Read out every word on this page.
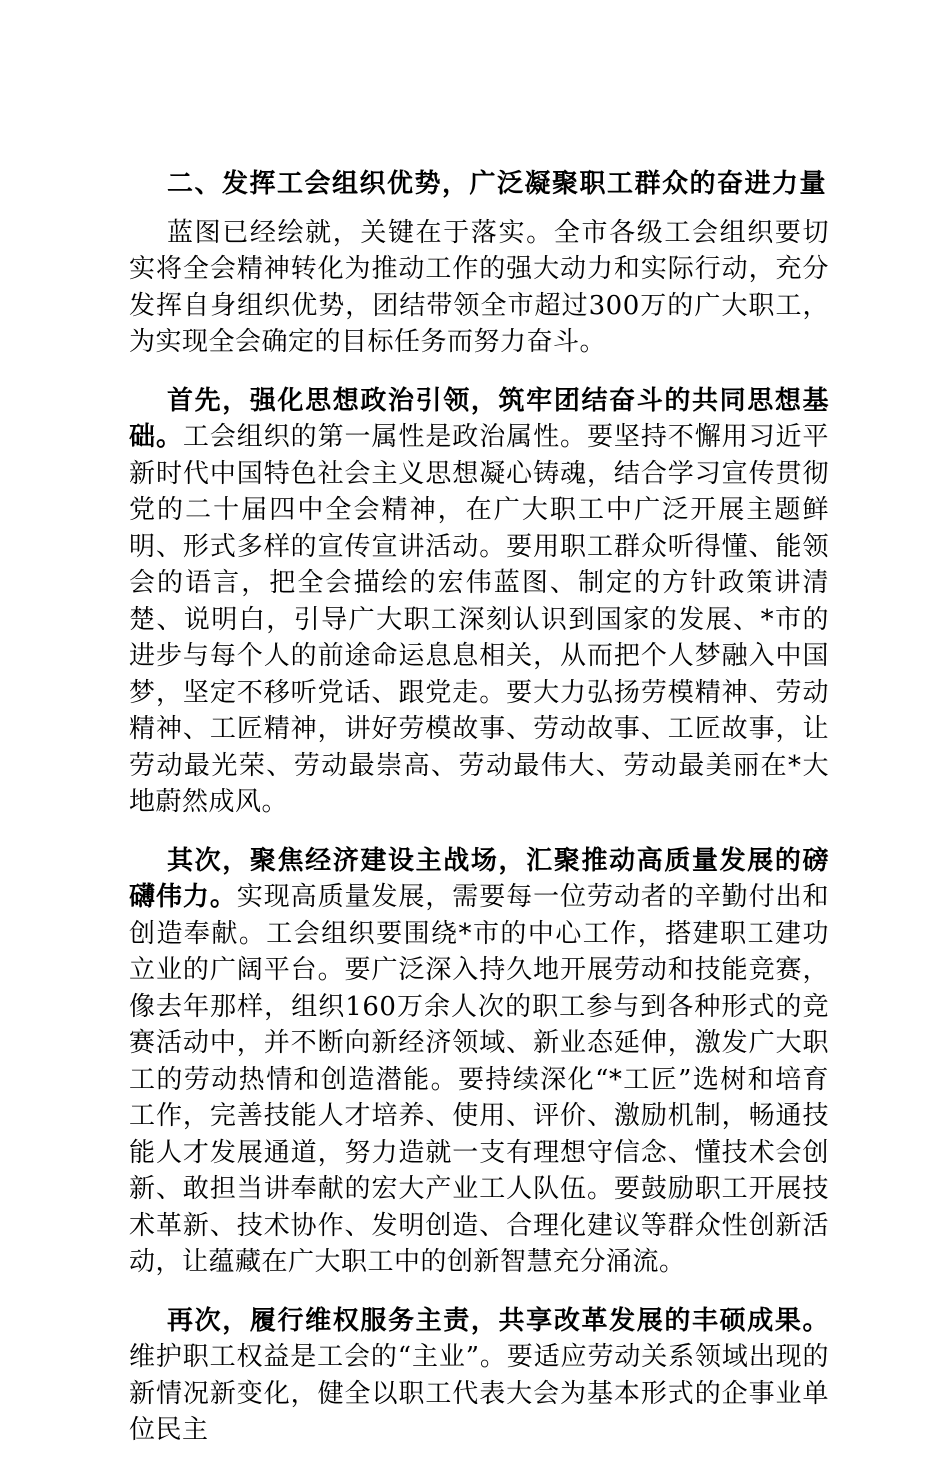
二、发挥工会组织优势，广泛凝聚职工群众的奋进力量

蓝图已经绘就，关键在于落实。全市各级工会组织要切实将全会精神转化为推动工作的强大动力和实际行动，充分发挥自身组织优势，团结带领全市超过300万的广大职工，为实现全会确定的目标任务而努力奋斗。

首先，强化思想政治引领，筑牢团结奋斗的共同思想基础。工会组织的第一属性是政治属性。要坚持不懈用习近平新时代中国特色社会主义思想凝心铸魂，结合学习宣传贯彻党的二十届四中全会精神，在广大职工中广泛开展主题鲜明、形式多样的宣传宣讲活动。要用职工群众听得懂、能领会的语言，把全会描绘的宏伟蓝图、制定的方针政策讲清楚、说明白，引导广大职工深刻认识到国家的发展、*市的进步与每个人的前途命运息息相关，从而把个人梦融入中国梦，坚定不移听党话、跟党走。要大力弘扬劳模精神、劳动精神、工匠精神，讲好劳模故事、劳动故事、工匠故事，让劳动最光荣、劳动最崇高、劳动最伟大、劳动最美丽在*大地蔚然成风。

其次，聚焦经济建设主战场，汇聚推动高质量发展的磅礴伟力。实现高质量发展，需要每一位劳动者的辛勤付出和创造奉献。工会组织要围绕*市的中心工作，搭建职工建功立业的广阔平台。要广泛深入持久地开展劳动和技能竞赛，像去年那样，组织160万余人次的职工参与到各种形式的竞赛活动中，并不断向新经济领域、新业态延伸，激发广大职工的劳动热情和创造潜能。要持续深化“*工匠”选树和培育工作，完善技能人才培养、使用、评价、激励机制，畅通技能人才发展通道，努力造就一支有理想守信念、懂技术会创新、敢担当讲奉献的宏大产业工人队伍。要鼓励职工开展技术革新、技术协作、发明创造、合理化建议等群众性创新活动，让蕴藏在广大职工中的创新智慧充分涌流。

再次，履行维权服务主责，共享改革发展的丰硕成果。维护职工权益是工会的“主业”。要适应劳动关系领域出现的新情况新变化，健全以职工代表大会为基本形式的企事业单位民主
